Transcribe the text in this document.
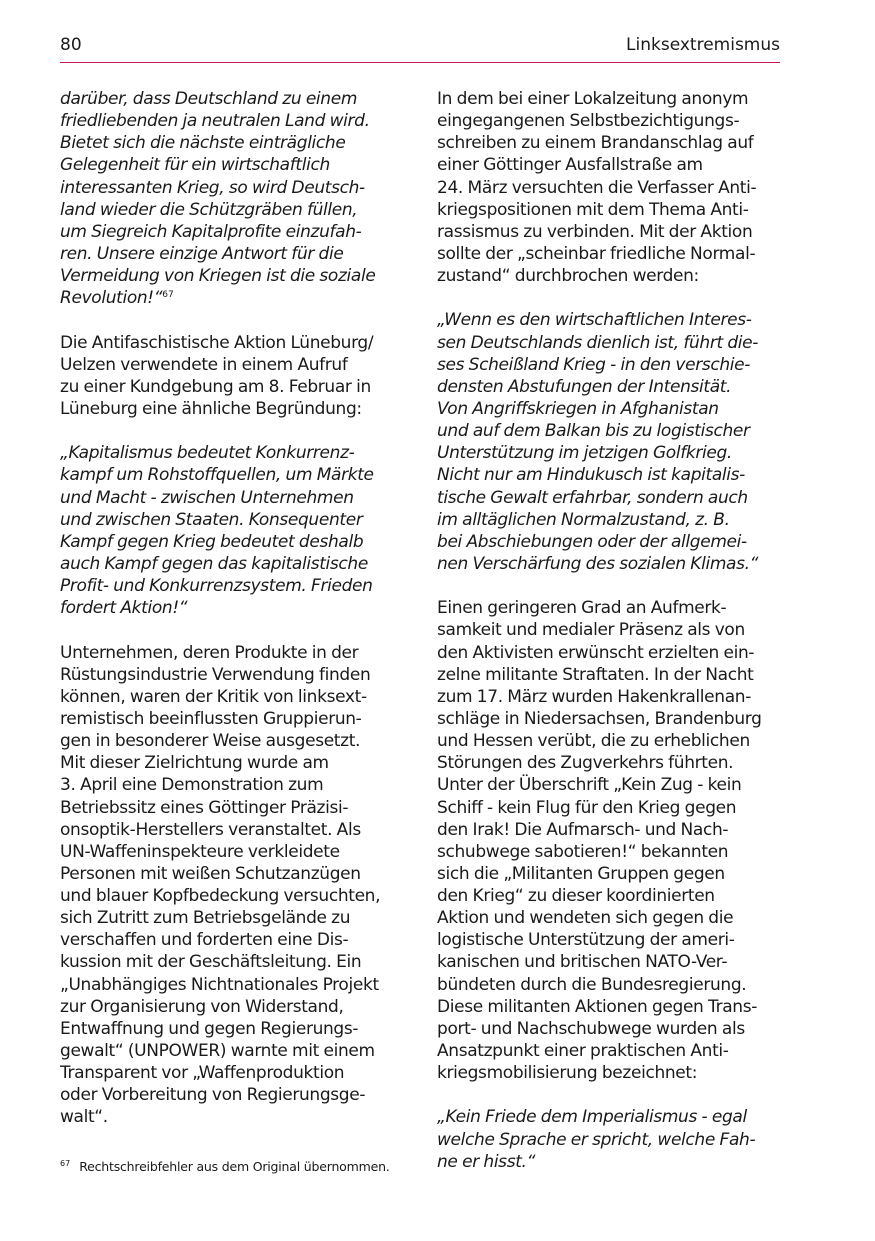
80	Linksextremismus
darüber, dass Deutschland zu einem
friedliebenden ja neutralen Land wird.
Bietet sich die nächste einträgliche
Gelegenheit für ein wirtschaftlich
interessanten Krieg, so wird Deutsch-
land wieder die Schützgräben füllen,
um Siegreich Kapitalprofite einzufah-
ren. Unsere einzige Antwort für die
Vermeidung von Kriegen ist die soziale
Revolution!“$^{67}$
Die Antifaschistische Aktion Lüneburg/
Uelzen verwendete in einem Aufruf
zu einer Kundgebung am 8. Februar in
Lüneburg eine ähnliche Begründung:
„Kapitalismus bedeutet Konkurrenz-
kampf um Rohstoffquellen, um Märkte
und Macht - zwischen Unternehmen
und zwischen Staaten. Konsequenter
Kampf gegen Krieg bedeutet deshalb
auch Kampf gegen das kapitalistische
Profit- und Konkurrenzsystem. Frieden
fordert Aktion!“
Unternehmen, deren Produkte in der
Rüstungsindustrie Verwendung finden
können, waren der Kritik von linksext-
remistisch beeinflussten Gruppierun-
gen in besonderer Weise ausgesetzt.
Mit dieser Zielrichtung wurde am
3. April eine Demonstration zum
Betriebssitz eines Göttinger Präzisi-
onsoptik-Herstellers veranstaltet. Als
UN-Waffeninspekteure verkleidete
Personen mit weißen Schutzanzügen
und blauer Kopfbedeckung versuchten,
sich Zutritt zum Betriebsgelände zu
verschaffen und forderten eine Dis-
kussion mit der Geschäftsleitung. Ein
„Unabhängiges Nichtnationales Projekt
zur Organisierung von Widerstand,
Entwaffnung und gegen Regierungs-
gewalt“ (UNPOWER) warnte mit einem
Transparent vor „Waffenproduktion
oder Vorbereitung von Regierungsge-
walt“.
In dem bei einer Lokalzeitung anonym
eingegangenen Selbstbezichtigungs-
schreiben zu einem Brandanschlag auf
einer Göttinger Ausfallstraße am
24. März versuchten die Verfasser Anti-
kriegspositionen mit dem Thema Anti-
rassismus zu verbinden. Mit der Aktion
sollte der „scheinbar friedliche Normal-
zustand“ durchbrochen werden:
„Wenn es den wirtschaftlichen Interes-
sen Deutschlands dienlich ist, führt die-
ses Scheißland Krieg - in den verschie-
densten Abstufungen der Intensität.
Von Angriffskriegen in Afghanistan
und auf dem Balkan bis zu logistischer
Unterstützung im jetzigen Golfkrieg.
Nicht nur am Hindukusch ist kapitalis-
tische Gewalt erfahrbar, sondern auch
im alltäglichen Normalzustand, z. B.
bei Abschiebungen oder der allgemei-
nen Verschärfung des sozialen Klimas.“
Einen geringeren Grad an Aufmerk-
samkeit und medialer Präsenz als von
den Aktivisten erwünscht erzielten ein-
zelne militante Straftaten. In der Nacht
zum 17. März wurden Hakenkrallenan-
schläge in Niedersachsen, Brandenburg
und Hessen verübt, die zu erheblichen
Störungen des Zugverkehrs führten.
Unter der Überschrift „Kein Zug - kein
Schiff - kein Flug für den Krieg gegen
den Irak! Die Aufmarsch- und Nach-
schubwege sabotieren!“ bekannten
sich die „Militanten Gruppen gegen
den Krieg“ zu dieser koordinierten
Aktion und wendeten sich gegen die
logistische Unterstützung der ameri-
kanischen und britischen NATO-Ver-
bündeten durch die Bundesregierung.
Diese militanten Aktionen gegen Trans-
port- und Nachschubwege wurden als
Ansatzpunkt einer praktischen Anti-
kriegsmobilisierung bezeichnet:
„Kein Friede dem Imperialismus - egal
welche Sprache er spricht, welche Fah-
ne er hisst.“
$^{67}$ Rechtschreibfehler aus dem Original übernommen.
